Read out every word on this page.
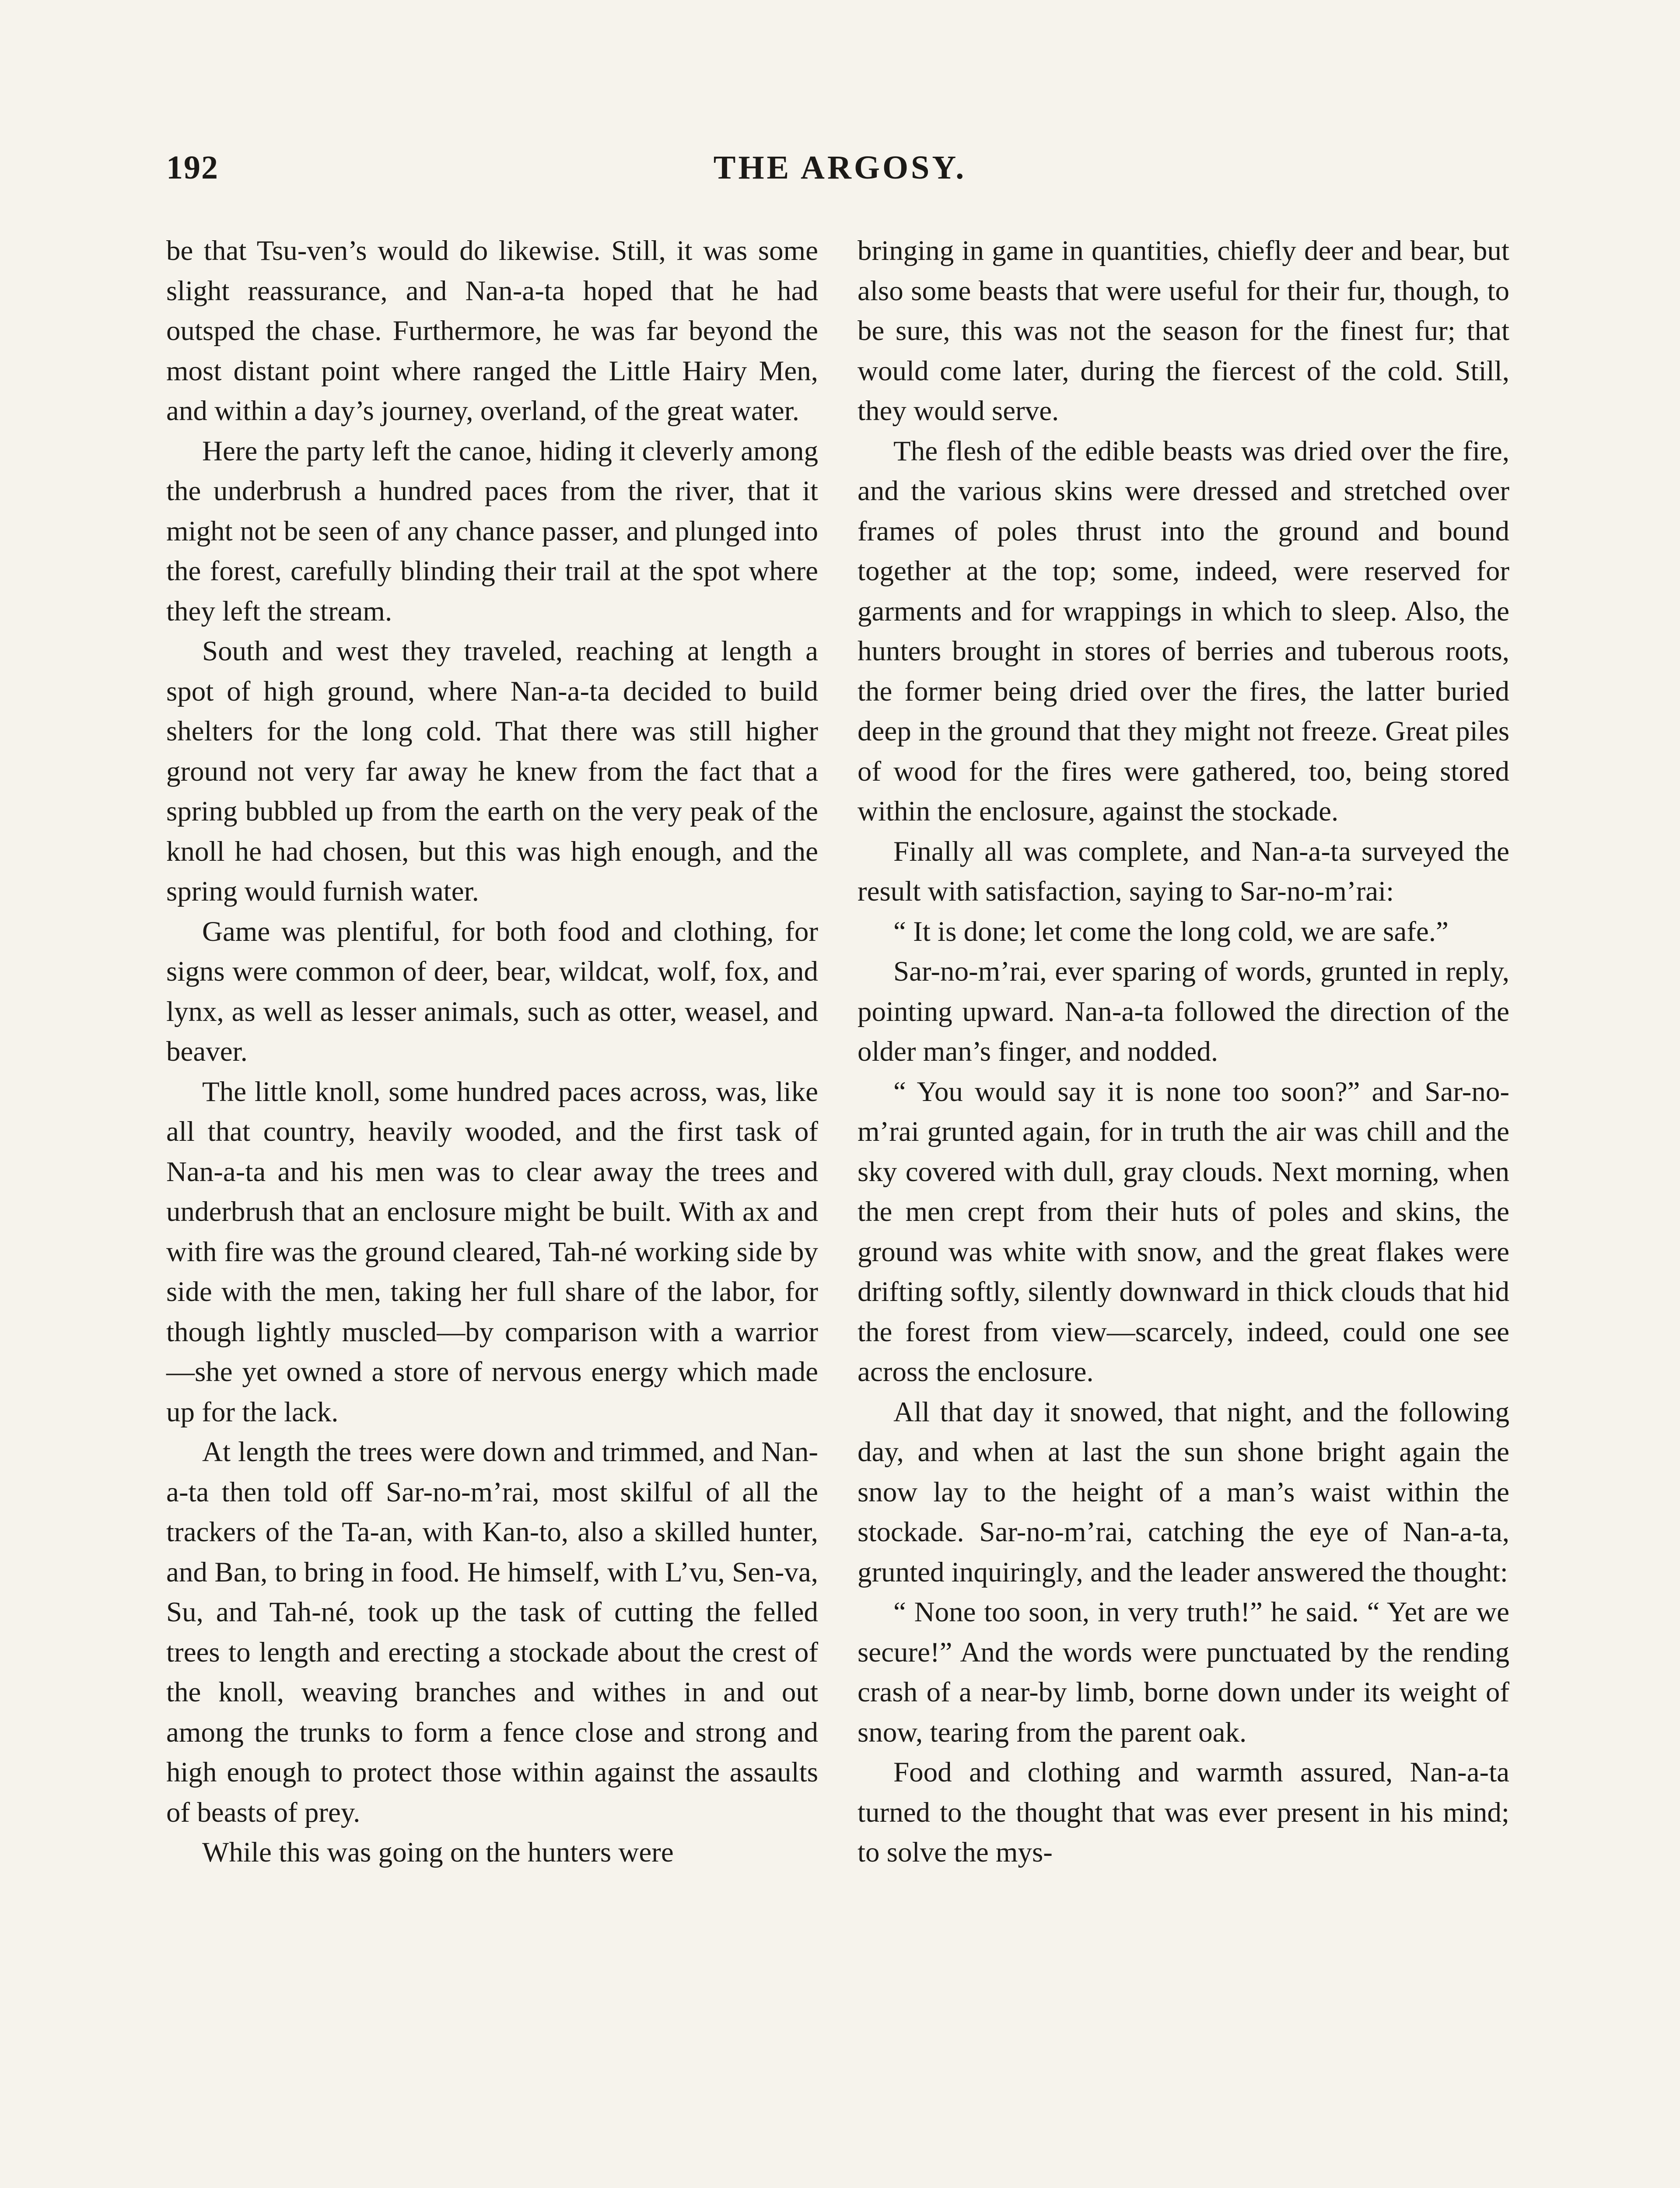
192	THE ARGOSY.

be that Tsu-ven’s would do likewise. Still, it was some slight reassurance, and Nan-a-ta hoped that he had outsped the chase. Furthermore, he was far beyond the most distant point where ranged the Little Hairy Men, and within a day’s journey, overland, of the great water.

Here the party left the canoe, hiding it cleverly among the underbrush a hundred paces from the river, that it might not be seen of any chance passer, and plunged into the forest, carefully blinding their trail at the spot where they left the stream.

South and west they traveled, reaching at length a spot of high ground, where Nan-a-ta decided to build shelters for the long cold. That there was still higher ground not very far away he knew from the fact that a spring bubbled up from the earth on the very peak of the knoll he had chosen, but this was high enough, and the spring would furnish water.

Game was plentiful, for both food and clothing, for signs were common of deer, bear, wildcat, wolf, fox, and lynx, as well as lesser animals, such as otter, weasel, and beaver.

The little knoll, some hundred paces across, was, like all that country, heavily wooded, and the first task of Nan-a-ta and his men was to clear away the trees and underbrush that an enclosure might be built. With ax and with fire was the ground cleared, Tah-né working side by side with the men, taking her full share of the labor, for though lightly muscled—by comparison with a warrior—she yet owned a store of nervous energy which made up for the lack.

At length the trees were down and trimmed, and Nan-a-ta then told off Sar-no-m’rai, most skilful of all the trackers of the Ta-an, with Kan-to, also a skilled hunter, and Ban, to bring in food. He himself, with L’vu, Sen-va, Su, and Tah-né, took up the task of cutting the felled trees to length and erecting a stockade about the crest of the knoll, weaving branches and withes in and out among the trunks to form a fence close and strong and high enough to protect those within against the assaults of beasts of prey.

While this was going on the hunters were

bringing in game in quantities, chiefly deer and bear, but also some beasts that were useful for their fur, though, to be sure, this was not the season for the finest fur; that would come later, during the fiercest of the cold. Still, they would serve.

The flesh of the edible beasts was dried over the fire, and the various skins were dressed and stretched over frames of poles thrust into the ground and bound together at the top; some, indeed, were reserved for garments and for wrappings in which to sleep. Also, the hunters brought in stores of berries and tuberous roots, the former being dried over the fires, the latter buried deep in the ground that they might not freeze. Great piles of wood for the fires were gathered, too, being stored within the enclosure, against the stockade.

Finally all was complete, and Nan-a-ta surveyed the result with satisfaction, saying to Sar-no-m’rai:

“ It is done; let come the long cold, we are safe.”

Sar-no-m’rai, ever sparing of words, grunted in reply, pointing upward. Nan-a-ta followed the direction of the older man’s finger, and nodded.

“ You would say it is none too soon?” and Sar-no-m’rai grunted again, for in truth the air was chill and the sky covered with dull, gray clouds. Next morning, when the men crept from their huts of poles and skins, the ground was white with snow, and the great flakes were drifting softly, silently downward in thick clouds that hid the forest from view—scarcely, indeed, could one see across the enclosure.

All that day it snowed, that night, and the following day, and when at last the sun shone bright again the snow lay to the height of a man’s waist within the stockade. Sar-no-m’rai, catching the eye of Nan-a-ta, grunted inquiringly, and the leader answered the thought:

“ None too soon, in very truth!” he said. “ Yet are we secure!” And the words were punctuated by the rending crash of a near-by limb, borne down under its weight of snow, tearing from the parent oak.

Food and clothing and warmth assured, Nan-a-ta turned to the thought that was ever present in his mind; to solve the mys-
